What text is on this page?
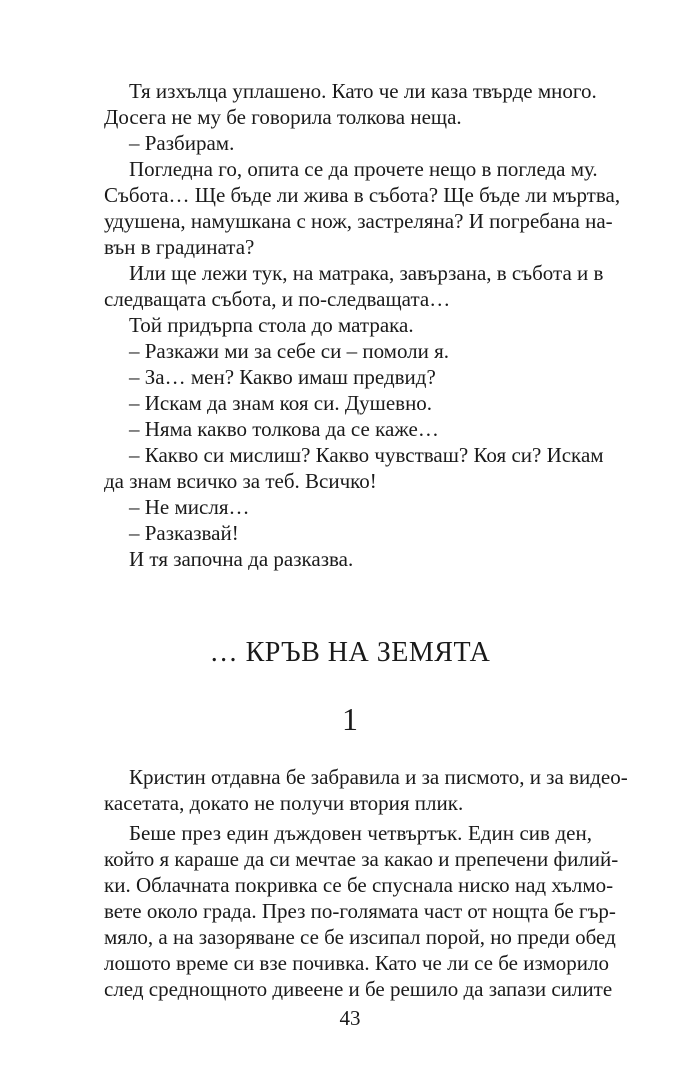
Тя изхълца уплашено. Като че ли каза твърде много.
Досега не му бе говорила толкова неща.
– Разбирам.
Погледна го, опита се да прочете нещо в погледа му.
Събота… Ще бъде ли жива в събота? Ще бъде ли мъртва,
удушена, намушкана с нож, застреляна? И погребана на-
вън в градината?
Или ще лежи тук, на матрака, завързана, в събота и в
следващата събота, и по-следващата…
Той придърпа стола до матрака.
– Разкажи ми за себе си – помоли я.
– За… мен? Какво имаш предвид?
– Искам да знам коя си. Душевно.
– Няма какво толкова да се каже…
– Какво си мислиш? Какво чувстваш? Коя си? Искам
да знам всичко за теб. Всичко!
– Не мисля…
– Разказвай!
И тя започна да разказва.
… КРЪВ НА ЗЕМЯТА
1
Кристин отдавна бе забравила и за писмото, и за видео-
касетата, докато не получи втория плик.
Беше през един дъждовен четвъртък. Един сив ден,
който я караше да си мечтае за какао и препечени филий-
ки. Облачната покривка се бе спуснала ниско над хълмо-
вете около града. През по-голямата част от нощта бе гър-
мяло, а на зазоряване се бе изсипал порой, но преди обед
лошото време си взе почивка. Като че ли се бе изморило
след среднощното дивеене и бе решило да запази силите
43
